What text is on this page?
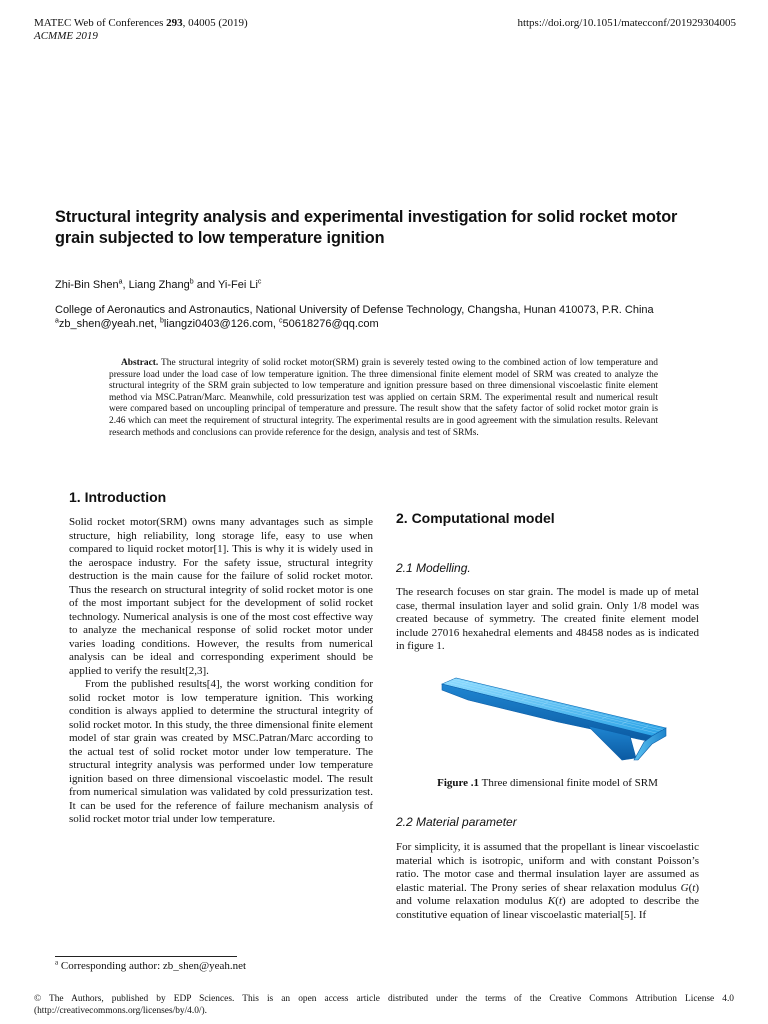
MATEC Web of Conferences 293, 04005 (2019)
ACMME 2019
https://doi.org/10.1051/matecconf/201929304005
Structural integrity analysis and experimental investigation for solid rocket motor grain subjected to low temperature ignition
Zhi-Bin Shen$^a$, Liang Zhang$^b$ and Yi-Fei Li$^c$
College of Aeronautics and Astronautics, National University of Defense Technology, Changsha, Hunan 410073, P.R. China
$^a$zb_shen@yeah.net, $^b$liangzi0403@126.com, $^c$50618276@qq.com
Abstract. The structural integrity of solid rocket motor(SRM) grain is severely tested owing to the combined action of low temperature and pressure load under the load case of low temperature ignition. The three dimensional finite element model of SRM was created to analyze the structural integrity of the SRM grain subjected to low temperature and ignition pressure based on three dimensional viscoelastic finite element method via MSC.Patran/Marc. Meanwhile, cold pressurization test was applied on certain SRM. The experimental result and numerical result were compared based on uncoupling principal of temperature and pressure. The result show that the safety factor of solid rocket motor grain is 2.46 which can meet the requirement of structural integrity. The experimental results are in good agreement with the simulation results. Relevant research methods and conclusions can provide reference for the design, analysis and test of SRMs.
1. Introduction

Solid rocket motor(SRM) owns many advantages such as simple structure, high reliability, long storage life, easy to use when compared to liquid rocket motor[1]. This is why it is widely used in the aerospace industry. For the safety issue, structural integrity destruction is the main cause for the failure of solid rocket motor. Thus the research on structural integrity of solid rocket motor is one of the most important subject for the development of solid rocket technology. Numerical analysis is one of the most cost effective way to analyze the mechanical response of solid rocket motor under varies loading conditions. However, the results from numerical analysis can be ideal and corresponding experiment should be applied to verify the result[2,3].

From the published results[4], the worst working condition for solid rocket motor is low temperature ignition. This working condition is always applied to determine the structural integrity of solid rocket motor. In this study, the three dimensional finite element model of star grain was created by MSC.Patran/Marc according to the actual test of solid rocket motor under low temperature. The structural integrity analysis was performed under low temperature ignition based on three dimensional viscoelastic model. The result from numerical simulation was validated by cold pressurization test. It can be used for the reference of failure mechanism analysis of solid rocket motor trial under low temperature.

2. Computational model
2.1 Modelling.

The research focuses on star grain. The model is made up of metal case, thermal insulation layer and solid grain. Only 1/8 model was created because of symmetry. The created finite element model include 27016 hexahedral elements and 48458 nodes as is indicated in figure 1.

Figure .1 Three dimensional finite model of SRM
2.2 Material parameter

For simplicity, it is assumed that the propellant is linear viscoelastic material which is isotropic, uniform and with constant Poisson’s ratio. The motor case and thermal insulation layer are assumed as elastic material. The Prony series of shear relaxation modulus G(t) and volume relaxation modulus K(t) are adopted to describe the constitutive equation of linear viscoelastic material[5]. If

$^a$ Corresponding author: zb_shen@yeah.net
© The Authors, published by EDP Sciences. This is an open access article distributed under the terms of the Creative Commons Attribution License 4.0 (http://creativecommons.org/licenses/by/4.0/).
